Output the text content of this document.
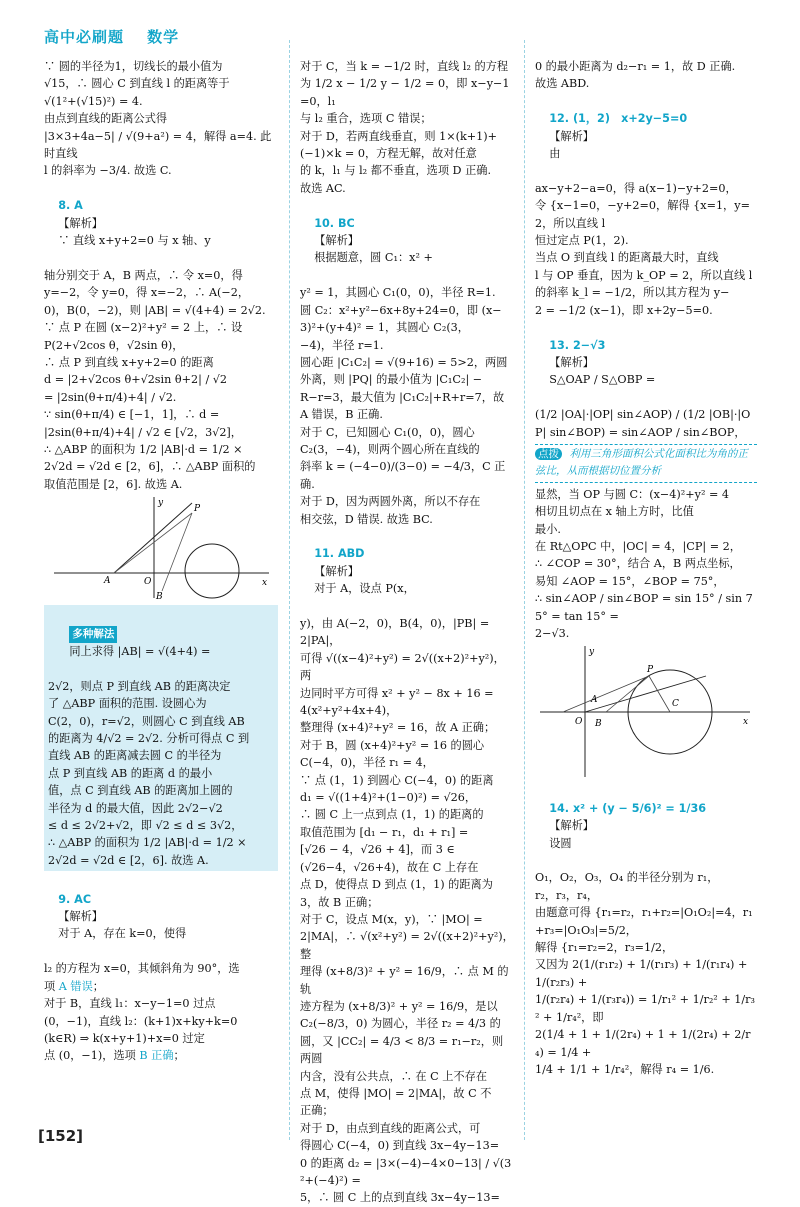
高中必刷题 数学
∵ 圆的半径为1，切线长的最小值为
√15，∴ 圆心 C 到直线 l 的距离等于
√(1²+(√15)²) = 4.
由点到直线的距离公式得
|3×3+4a−5| / √(9+a²) = 4，解得 a=4. 此时直线
l 的斜率为 −3/4. 故选 C.

8. A
【解析】
∵ 直线 x+y+2=0 与 x 轴、y

轴分别交于 A，B 两点，∴ 令 x=0，得
y=−2，令 y=0，得 x=−2，∴ A(−2，
0)，B(0，−2)，则 |AB| = √(4+4) = 2√2.
∵ 点 P 在圆 (x−2)²+y² = 2 上，∴ 设
P(2+√2cos θ，√2sin θ)，
∴ 点 P 到直线 x+y+2=0 的距离
d = |2+√2cos θ+√2sin θ+2| / √2
= |2sin(θ+π/4)+4| / √2.
∵ sin(θ+π/4) ∈ [−1，1]，∴ d =
|2sin(θ+π/4)+4| / √2 ∈ [√2，3√2]，
∴ △ABP 的面积为 1/2 |AB|·d = 1/2 ×
2√2d = √2d ∈ [2，6]，∴ △ABP 面积的
取值范围是 [2，6]. 故选 A.
y
x
P
O
A
B

多种解法
同上求得 |AB| = √(4+4) =

2√2，则点 P 到直线 AB 的距离决定
了 △ABP 面积的范围. 设圆心为
C(2，0)，r=√2，则圆心 C 到直线 AB
的距离为 4/√2 = 2√2. 分析可得点 C 到
直线 AB 的距离减去圆 C 的半径为
点 P 到直线 AB 的距离 d 的最小
值，点 C 到直线 AB 的距离加上圆的
半径为 d 的最大值，因此 2√2−√2
≤ d ≤ 2√2+√2，即 √2 ≤ d ≤ 3√2，
∴ △ABP 的面积为 1/2 |AB|·d = 1/2 ×
2√2d = √2d ∈ [2，6]. 故选 A.

9. AC
【解析】
对于 A，存在 k=0，使得

l₂ 的方程为 x=0，其倾斜角为 90°，选
项 A 错误；
对于 B，直线 l₁：x−y−1=0 过点
(0，−1)，直线 l₂：(k+1)x+ky+k=0
(k∈R) ⇒ k(x+y+1)+x=0 过定
点 (0，−1)，选项 B 正确；
对于 C，当 k = −1/2 时，直线 l₂ 的方程
为 1/2 x − 1/2 y − 1/2 = 0，即 x−y−1=0，l₁
与 l₂ 重合，选项 C 错误；
对于 D，若两直线垂直，则 1×(k+1)+
(−1)×k = 0，方程无解，故对任意
的 k，l₁ 与 l₂ 都不垂直，选项 D 正确.
故选 AC.

10. BC
【解析】
根据题意，圆 C₁：x² +

y² = 1，其圆心 C₁(0，0)，半径 R=1.
圆 C₂：x²+y²−6x+8y+24=0，即 (x−
3)²+(y+4)² = 1，其圆心 C₂(3，
−4)，半径 r=1.
圆心距 |C₁C₂| = √(9+16) = 5>2，两圆
外离，则 |PQ| 的最小值为 |C₁C₂| −
R−r=3，最大值为 |C₁C₂|+R+r=7，故
A 错误，B 正确.
对于 C，已知圆心 C₁(0，0)，圆心
C₂(3，−4)，则两个圆心所在直线的
斜率 k = (−4−0)/(3−0) = −4/3，C 正确.
对于 D，因为两圆外离，所以不存在
相交弦，D 错误. 故选 BC.

11. ABD
【解析】
对于 A，设点 P(x，

y)，由 A(−2，0)，B(4，0)，|PB| =
2|PA|，
可得 √((x−4)²+y²) = 2√((x+2)²+y²)，两
边同时平方可得 x² + y² − 8x + 16 =
4(x²+y²+4x+4)，
整理得 (x+4)²+y² = 16，故 A 正确；
对于 B，圆 (x+4)²+y² = 16 的圆心
C(−4，0)，半径 r₁ = 4，
∵ 点 (1，1) 到圆心 C(−4，0) 的距离
d₁ = √((1+4)²+(1−0)²) = √26，
∴ 圆 C 上一点到点 (1，1) 的距离的
取值范围为 [d₁ − r₁，d₁ + r₁] =
[√26 − 4，√26 + 4]，而 3 ∈
(√26−4，√26+4)，故在 C 上存在
点 D，使得点 D 到点 (1，1) 的距离为
3，故 B 正确；
对于 C，设点 M(x，y)，∵ |MO| =
2|MA|，∴ √(x²+y²) = 2√((x+2)²+y²)，整
理得 (x+8/3)² + y² = 16/9，∴ 点 M 的轨
迹方程为 (x+8/3)² + y² = 16/9，是以
C₂(−8/3，0) 为圆心，半径 r₂ = 4/3 的
圆，又 |CC₂| = 4/3 < 8/3 = r₁−r₂，则两圆
内含，没有公共点，∴ 在 C 上不存在
点 M，使得 |MO| = 2|MA|，故 C 不
正确；
对于 D，由点到直线的距离公式，可
得圆心 C(−4，0) 到直线 3x−4y−13=
0 的距离 d₂ = |3×(−4)−4×0−13| / √(3²+(−4)²) =
5，∴ 圆 C 上的点到直线 3x−4y−13=
0 的最小距离为 d₂−r₁ = 1，故 D 正确.
故选 ABD.

12. (1，2)　x+2y−5=0
【解析】
由

ax−y+2−a=0，得 a(x−1)−y+2=0，
令 {x−1=0，−y+2=0，解得 {x=1，y=2，所以直线 l
恒过定点 P(1，2).
当点 O 到直线 l 的距离最大时，直线
l 与 OP 垂直，因为 k_OP = 2，所以直线 l
的斜率 k_l = −1/2，所以其方程为 y−
2 = −1/2 (x−1)，即 x+2y−5=0.

13. 2−√3
【解析】
S△OAP / S△OBP =

(1/2 |OA|·|OP| sin∠AOP) / (1/2 |OB|·|OP| sin∠BOP) = sin∠AOP / sin∠BOP，
点拨 利用三角形面积公式化面积比为角的正弦比，从而根据切位置分析
显然，当 OP 与圆 C：(x−4)²+y² = 4
相切且切点在 x 轴上方时，比值
最小.
在 Rt△OPC 中，|OC| = 4，|CP| = 2，
∴ ∠COP = 30°，结合 A，B 两点坐标，
易知 ∠AOP = 15°，∠BOP = 75°，
∴ sin∠AOP / sin∠BOP = sin 15° / sin 75° = tan 15° =
2−√3.
y
x
P
O
A
B
C

14. x² + (y − 5/6)² = 1/36
【解析】
设圆

O₁，O₂，O₃，O₄ 的半径分别为 r₁，
r₂，r₃，r₄，
由题意可得 {r₁=r₂，r₁+r₂=|O₁O₂|=4，r₁+r₃=|O₁O₃|=5/2，
解得 {r₁=r₂=2，r₃=1/2，
又因为 2(1/(r₁r₂) + 1/(r₁r₃) + 1/(r₁r₄) + 1/(r₂r₃) +
1/(r₂r₄) + 1/(r₃r₄)) = 1/r₁² + 1/r₂² + 1/r₃² + 1/r₄²，即
2(1/4 + 1 + 1/(2r₄) + 1 + 1/(2r₄) + 2/r₄) = 1/4 +
1/4 + 1/1 + 1/r₄²，解得 r₄ = 1/6.
[152]
